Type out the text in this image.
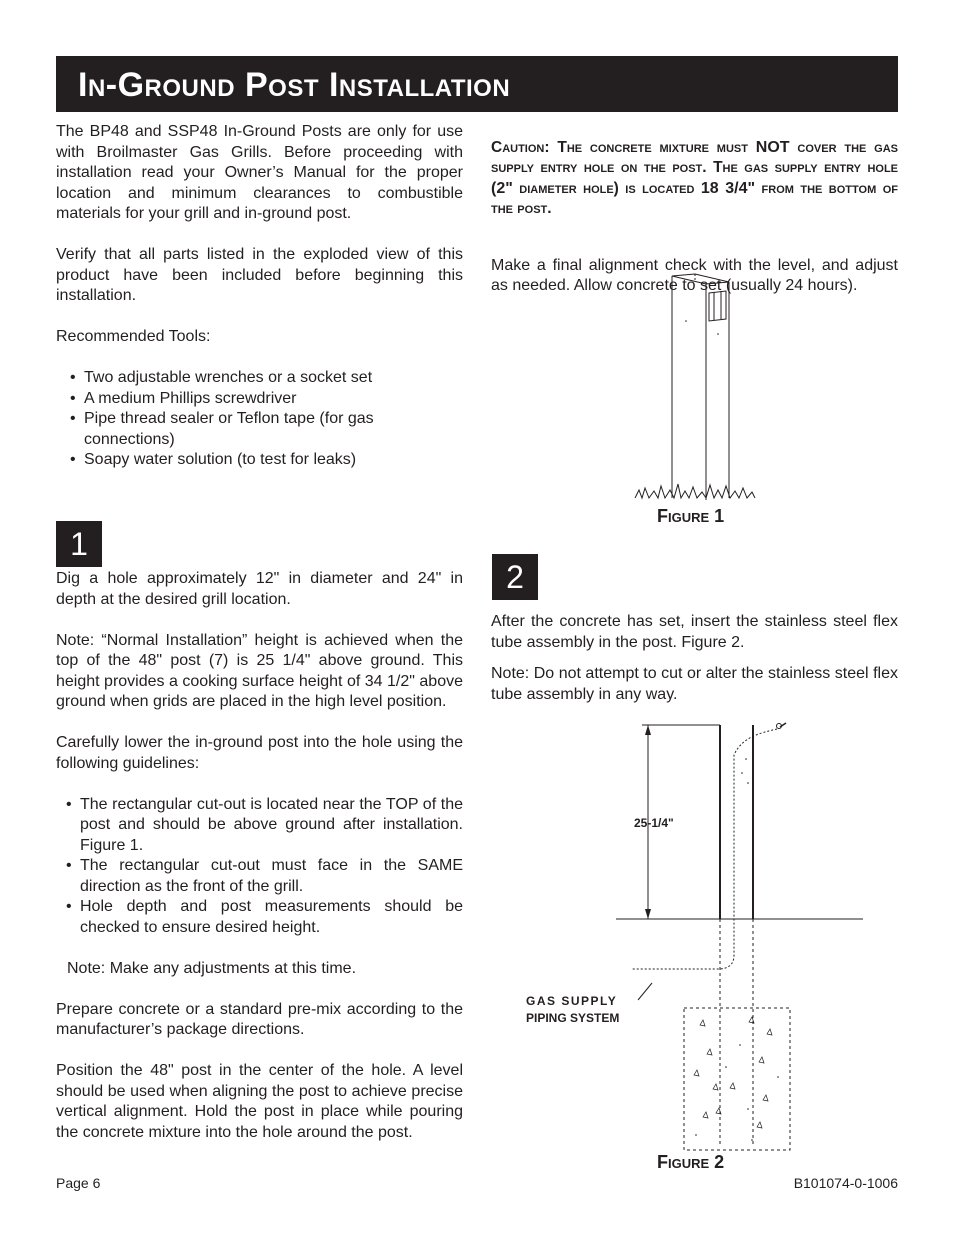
In-Ground Post Installation

The BP48 and SSP48 In-Ground Posts are only for use with Broilmaster Gas Grills. Before proceeding with installation read your Owner’s Manual for the proper location and minimum clearances to combustible materials for your grill and in-ground post.

Verify that all parts listed in the exploded view of this product have been included before beginning this installation.

Recommended Tools:

• Two adjustable wrenches or a socket set
• A medium Phillips screwdriver
• Pipe thread sealer or Teflon tape (for gas connections)
• Soapy water solution (to test for leaks)
1

Dig a hole approximately 12" in diameter and 24" in depth at the desired grill location.

Note: “Normal Installation” height is achieved when the top of the 48" post (7) is 25 1/4" above ground. This height provides a cooking surface height of 34 1/2" above ground when grids are placed in the high level position.

Carefully lower the in-ground post into the hole using the following guidelines:

• The rectangular cut-out is located near the TOP of the post and should be above ground after installation. Figure 1.
• The rectangular cut-out must face in the SAME direction as the front of the grill.
• Hole depth and post measurements should be checked to ensure desired height.

Note: Make any adjustments at this time.

Prepare concrete or a standard pre-mix according to the manufacturer’s package directions.

Position the 48" post in the center of the hole. A level should be used when aligning the post to achieve precise vertical alignment. Hold the post in place while pouring the concrete mixture into the hole around the post.

Caution: The concrete mixture must NOT cover the gas supply entry hole on the post. The gas supply entry hole (2" diameter hole) is located 18 3/4" from the bottom of the post.

Make a final alignment check with the level, and adjust as needed. Allow concrete to set (usually 24 hours).

Figure 1
2

After the concrete has set, insert the stainless steel flex tube assembly in the post. Figure 2.

Note: Do not attempt to cut or alter the stainless steel flex tube assembly in any way.

25-1/4"
GAS SUPPLY
PIPING SYSTEM
Figure 2
Page 6	B101074-0-1006
